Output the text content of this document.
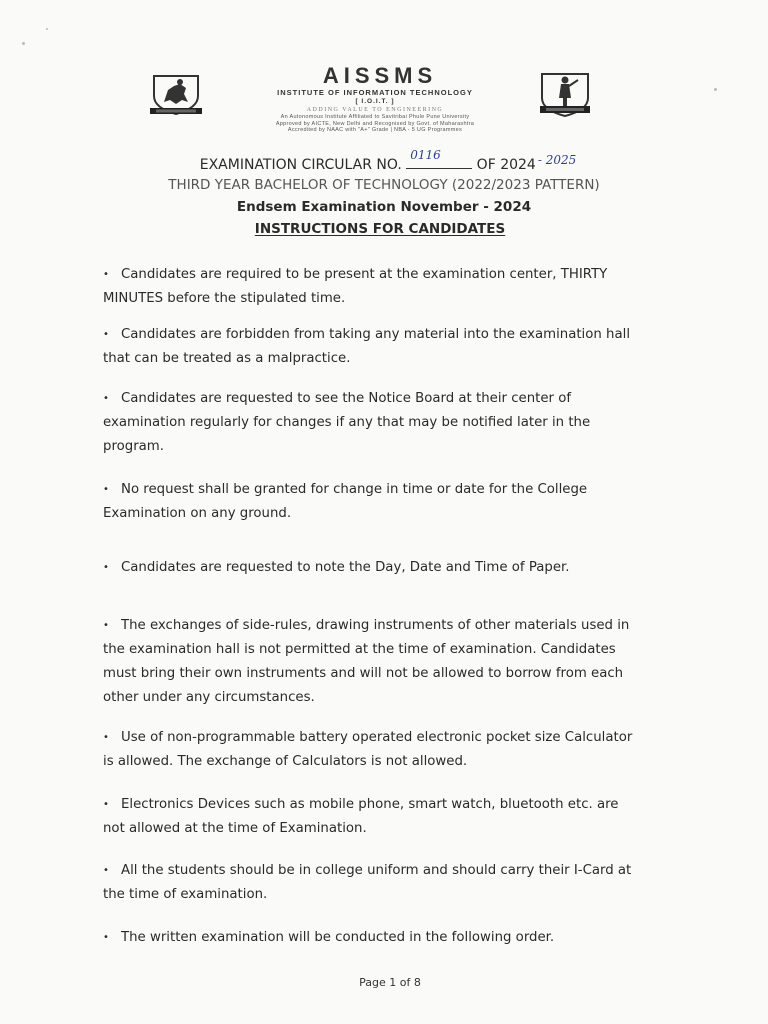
AISSMS
INSTITUTE OF INFORMATION TECHNOLOGY
[ I.O.I.T. ]
ADDING VALUE TO ENGINEERING
An Autonomous Institute Affiliated to Savitribai Phule Pune University
Approved by AICTE, New Delhi and Recognised by Govt. of Maharashtra
Accredited by NAAC with "A+" Grade | NBA - 5 UG Programmes
EXAMINATION CIRCULAR NO.
0116
OF 2024 - 2025
THIRD YEAR BACHELOR OF TECHNOLOGY (2022/2023 PATTERN)
Endsem Examination November - 2024
INSTRUCTIONS FOR CANDIDATES
• Candidates are required to be present at the examination center, THIRTY
MINUTES before the stipulated time.
• Candidates are forbidden from taking any material into the examination hall
that can be treated as a malpractice.
• Candidates are requested to see the Notice Board at their center of
examination regularly for changes if any that may be notified later in the
program.
• No request shall be granted for change in time or date for the College
Examination on any ground.
• Candidates are requested to note the Day, Date and Time of Paper.
• The exchanges of side-rules, drawing instruments of other materials used in
the examination hall is not permitted at the time of examination. Candidates
must bring their own instruments and will not be allowed to borrow from each
other under any circumstances.
• Use of non-programmable battery operated electronic pocket size Calculator
is allowed. The exchange of Calculators is not allowed.
• Electronics Devices such as mobile phone, smart watch, bluetooth etc. are
not allowed at the time of Examination.
• All the students should be in college uniform and should carry their I-Card at
the time of examination.
• The written examination will be conducted in the following order.
Page 1 of 8
